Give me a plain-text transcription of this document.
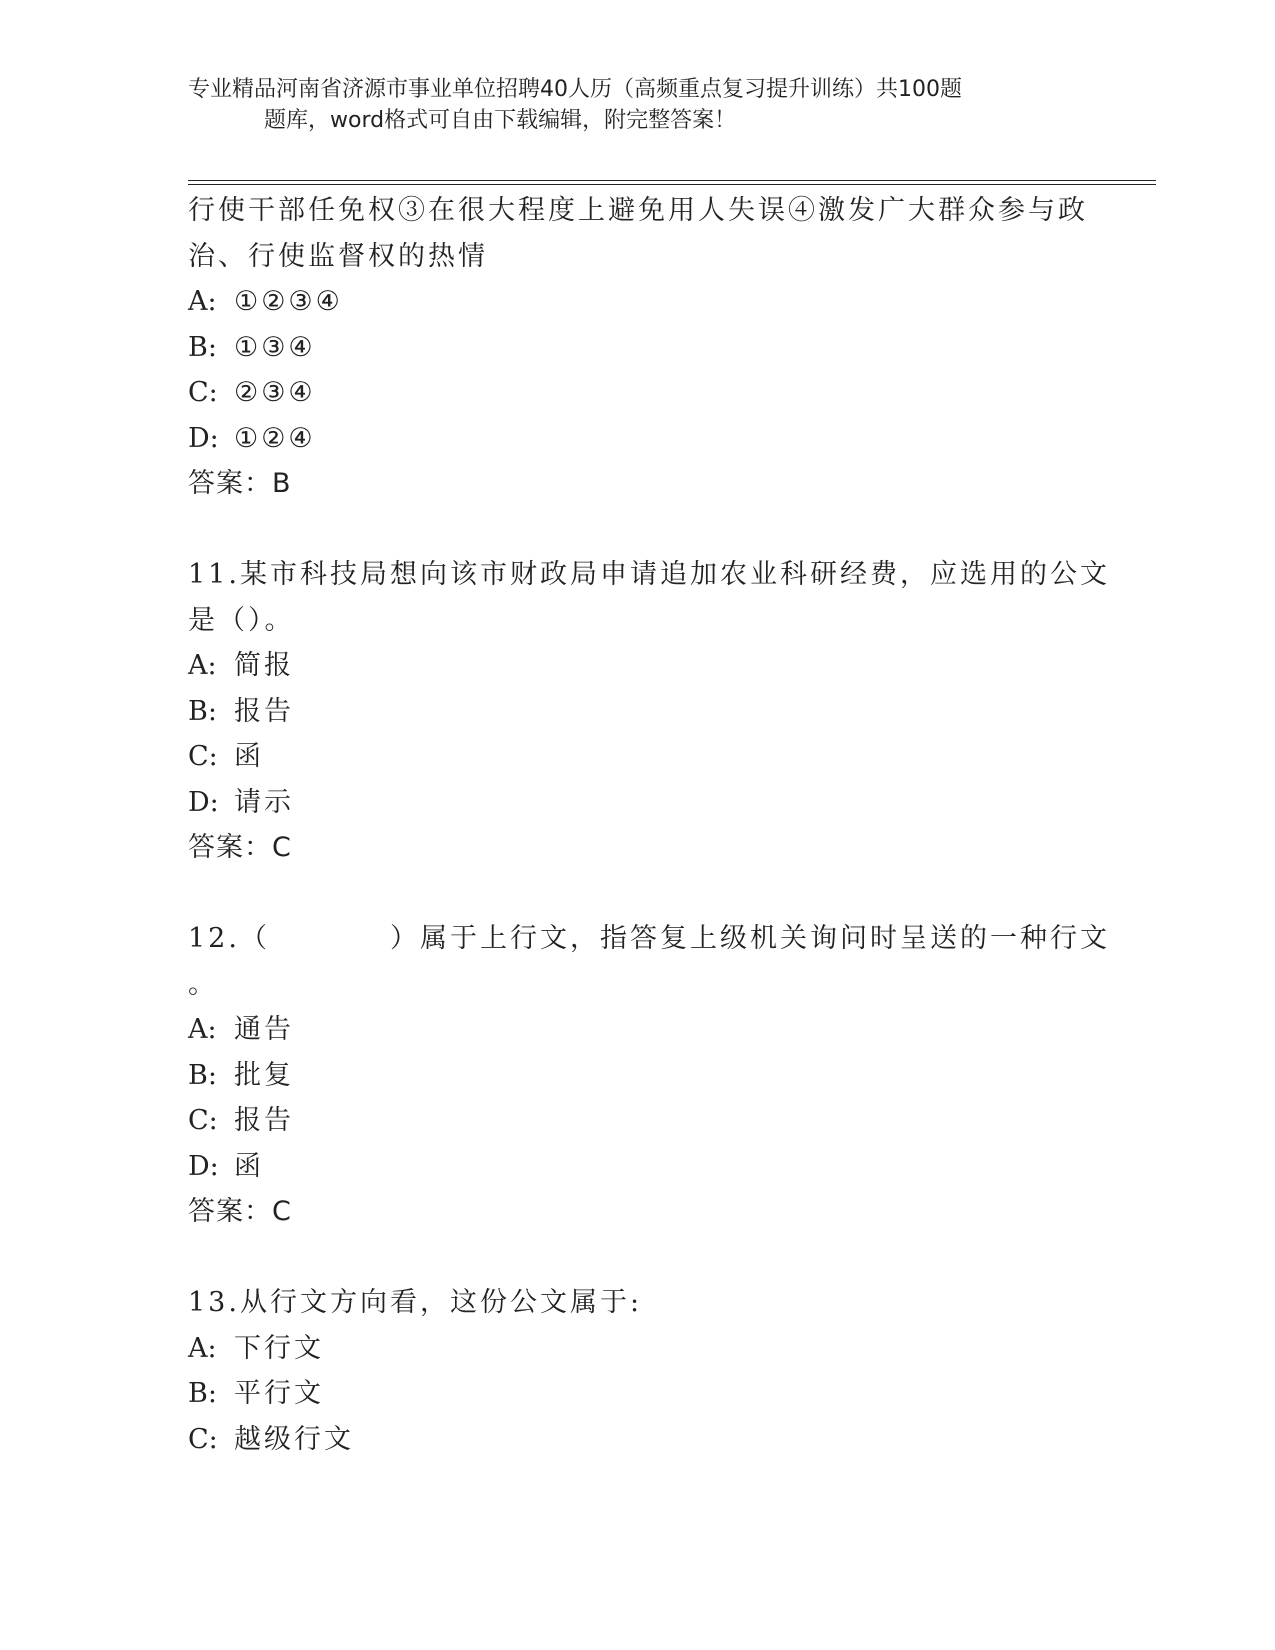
专业精品河南省济源市事业单位招聘40人历（高频重点复习提升训练）共100题
题库，word格式可自由下载编辑，附完整答案！
行使干部任免权③在很大程度上避免用人失误④激发广大群众参与政
治、行使监督权的热情
A: ①②③④
B: ①③④
C: ②③④
D: ①②④
答案：B
11.某市科技局想向该市财政局申请追加农业科研经费，应选用的公文
是（）。
A: 简报
B: 报告
C: 函
D: 请示
答案：C
12.（	）属于上行文，指答复上级机关询问时呈送的一种行文
。
A: 通告
B: 批复
C: 报告
D: 函
答案：C
13.从行文方向看，这份公文属于:
A: 下行文
B: 平行文
C: 越级行文
